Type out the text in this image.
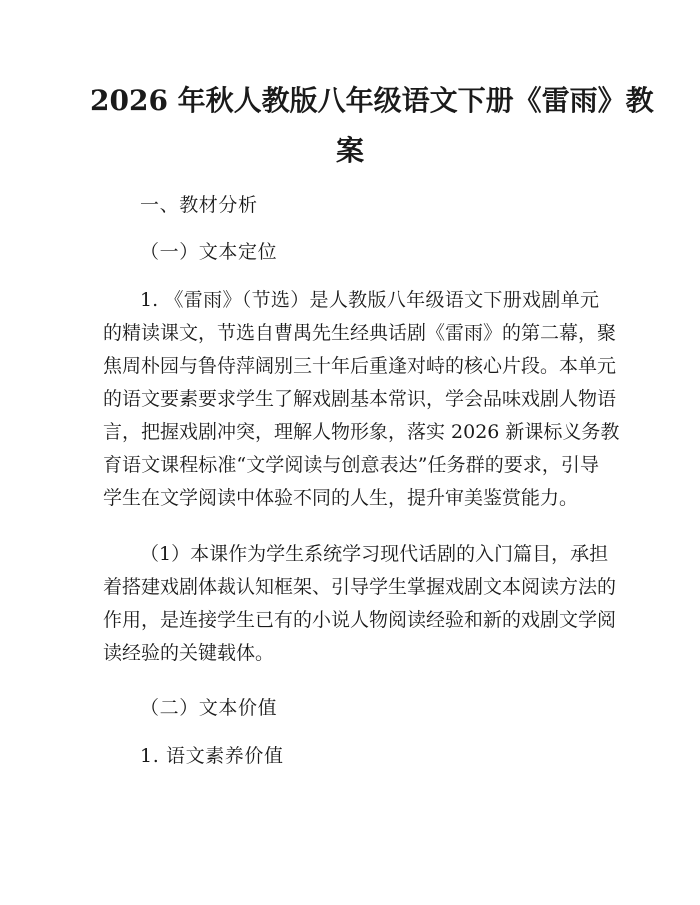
2026 年秋人教版八年级语文下册《雷雨》教
案
一、教材分析
（一）文本定位
1. 《雷雨》（节选）是人教版八年级语文下册戏剧单元
的精读课文，节选自曹禺先生经典话剧《雷雨》的第二幕，聚
焦周朴园与鲁侍萍阔别三十年后重逢对峙的核心片段。本单元
的语文要素要求学生了解戏剧基本常识，学会品味戏剧人物语
言，把握戏剧冲突，理解人物形象，落实 2026 新课标义务教
育语文课程标准“文学阅读与创意表达”任务群的要求，引导
学生在文学阅读中体验不同的人生，提升审美鉴赏能力。
（1）本课作为学生系统学习现代话剧的入门篇目，承担
着搭建戏剧体裁认知框架、引导学生掌握戏剧文本阅读方法的
作用，是连接学生已有的小说人物阅读经验和新的戏剧文学阅
读经验的关键载体。
（二）文本价值
1. 语文素养价值
